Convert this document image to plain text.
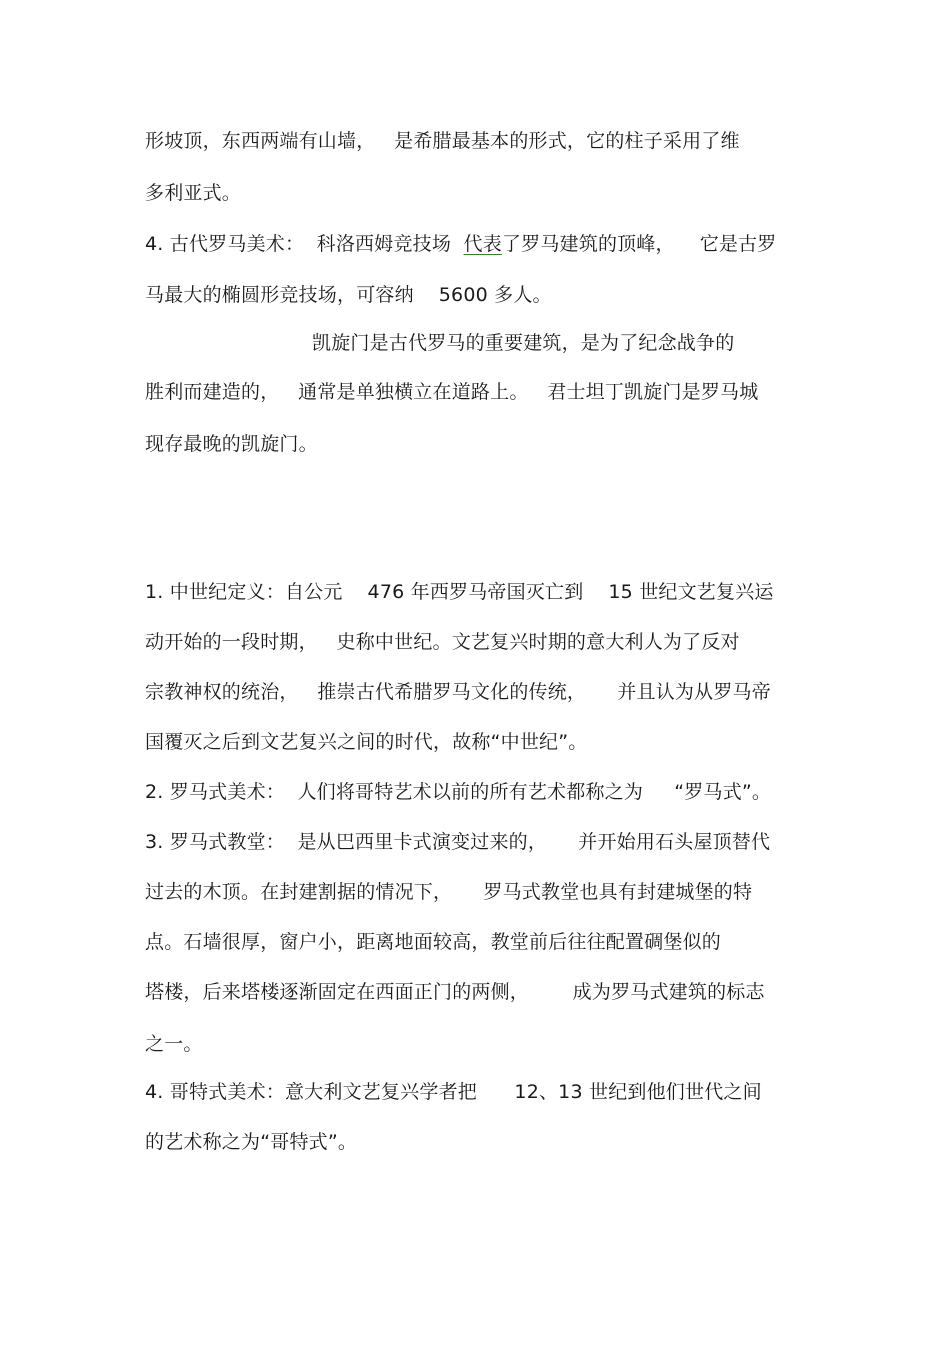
形坡顶，东西两端有山墙，   是希腊最基本的形式，它的柱子采用了维
多利亚式。
4. 古代罗马美术：  科洛西姆竞技场  代表了罗马建筑的顶峰，    它是古罗
马最大的椭圆形竞技场，可容纳    5600 多人。
凯旋门是古代罗马的重要建筑，是为了纪念战争的
胜利而建造的，   通常是单独横立在道路上。   君士坦丁凯旋门是罗马城
现存最晚的凯旋门。
1. 中世纪定义：自公元    476 年西罗马帝国灭亡到    15 世纪文艺复兴运
动开始的一段时期，   史称中世纪。文艺复兴时期的意大利人为了反对
宗教神权的统治，   推崇古代希腊罗马文化的传统，     并且认为从罗马帝
国覆灭之后到文艺复兴之间的时代，故称“中世纪”。
2. 罗马式美术：  人们将哥特艺术以前的所有艺术都称之为     “罗马式”。
3. 罗马式教堂：  是从巴西里卡式演变过来的，     并开始用石头屋顶替代
过去的木顶。在封建割据的情况下，     罗马式教堂也具有封建城堡的特
点。石墙很厚，窗户小，距离地面较高，教堂前后往往配置碉堡似的
塔楼，后来塔楼逐渐固定在西面正门的两侧，       成为罗马式建筑的标志
之一。
4. 哥特式美术：意大利文艺复兴学者把      12、13 世纪到他们世代之间
的艺术称之为“哥特式”。
